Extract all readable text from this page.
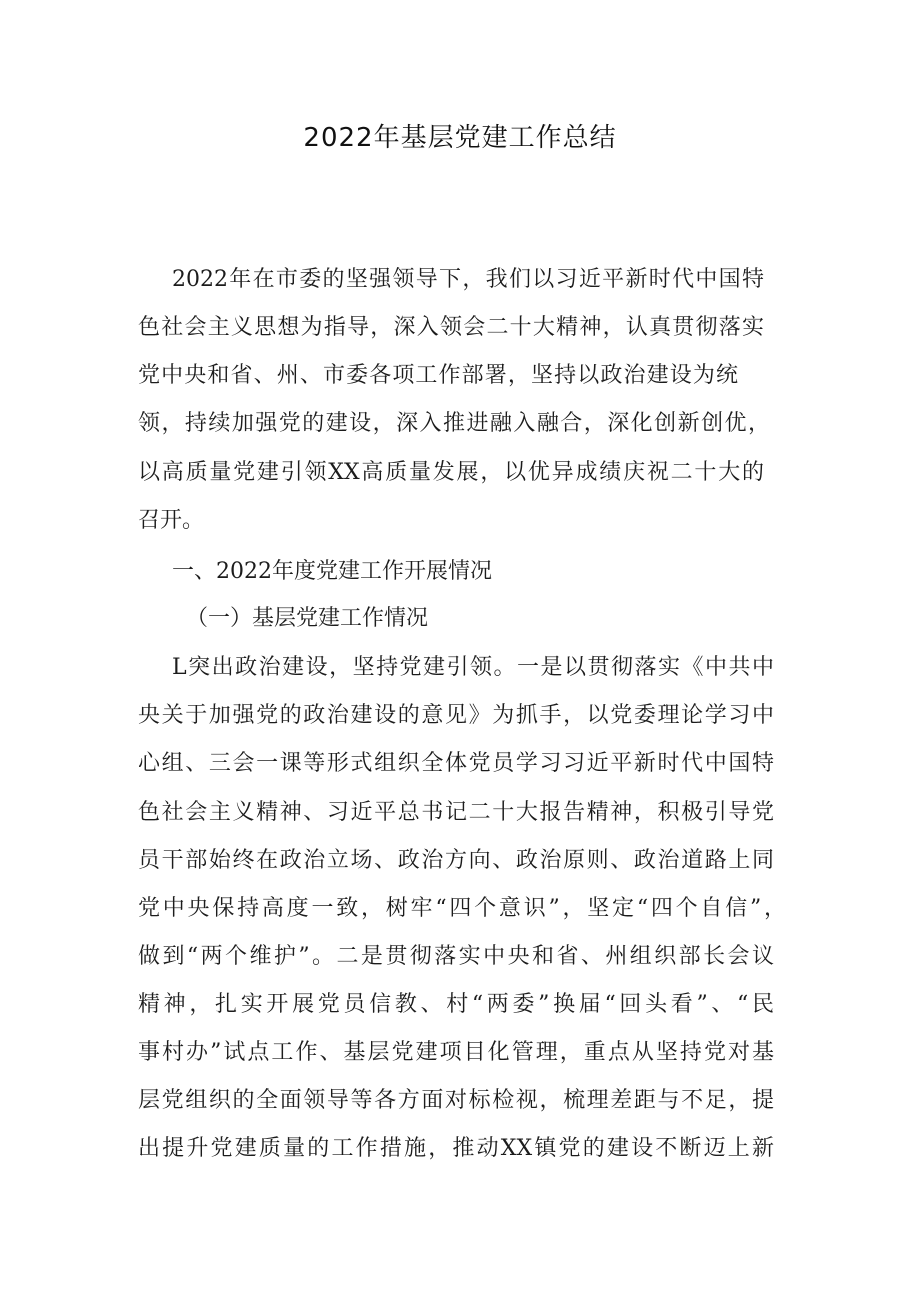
2022年基层党建工作总结

2022年在市委的坚强领导下，我们以习近平新时代中国特

色社会主义思想为指导，深入领会二十大精神，认真贯彻落实

党中央和省、州、市委各项工作部署，坚持以政治建设为统

领，持续加强党的建设，深入推进融入融合，深化创新创优，

以高质量党建引领XX高质量发展，以优异成绩庆祝二十大的

召开。

一、2022年度党建工作开展情况

（一）基层党建工作情况

L突出政治建设，坚持党建引领。一是以贯彻落实《中共中

央关于加强党的政治建设的意见》为抓手，以党委理论学习中

心组、三会一课等形式组织全体党员学习习近平新时代中国特

色社会主义精神、习近平总书记二十大报告精神，积极引导党

员干部始终在政治立场、政治方向、政治原则、政治道路上同

党中央保持高度一致，树牢“四个意识”，坚定“四个自信”，

做到“两个维护”。二是贯彻落实中央和省、州组织部长会议

精神，扎实开展党员信教、村“两委”换届“回头看”、“民

事村办”试点工作、基层党建项目化管理，重点从坚持党对基

层党组织的全面领导等各方面对标检视，梳理差距与不足，提

出提升党建质量的工作措施，推动XX镇党的建设不断迈上新
